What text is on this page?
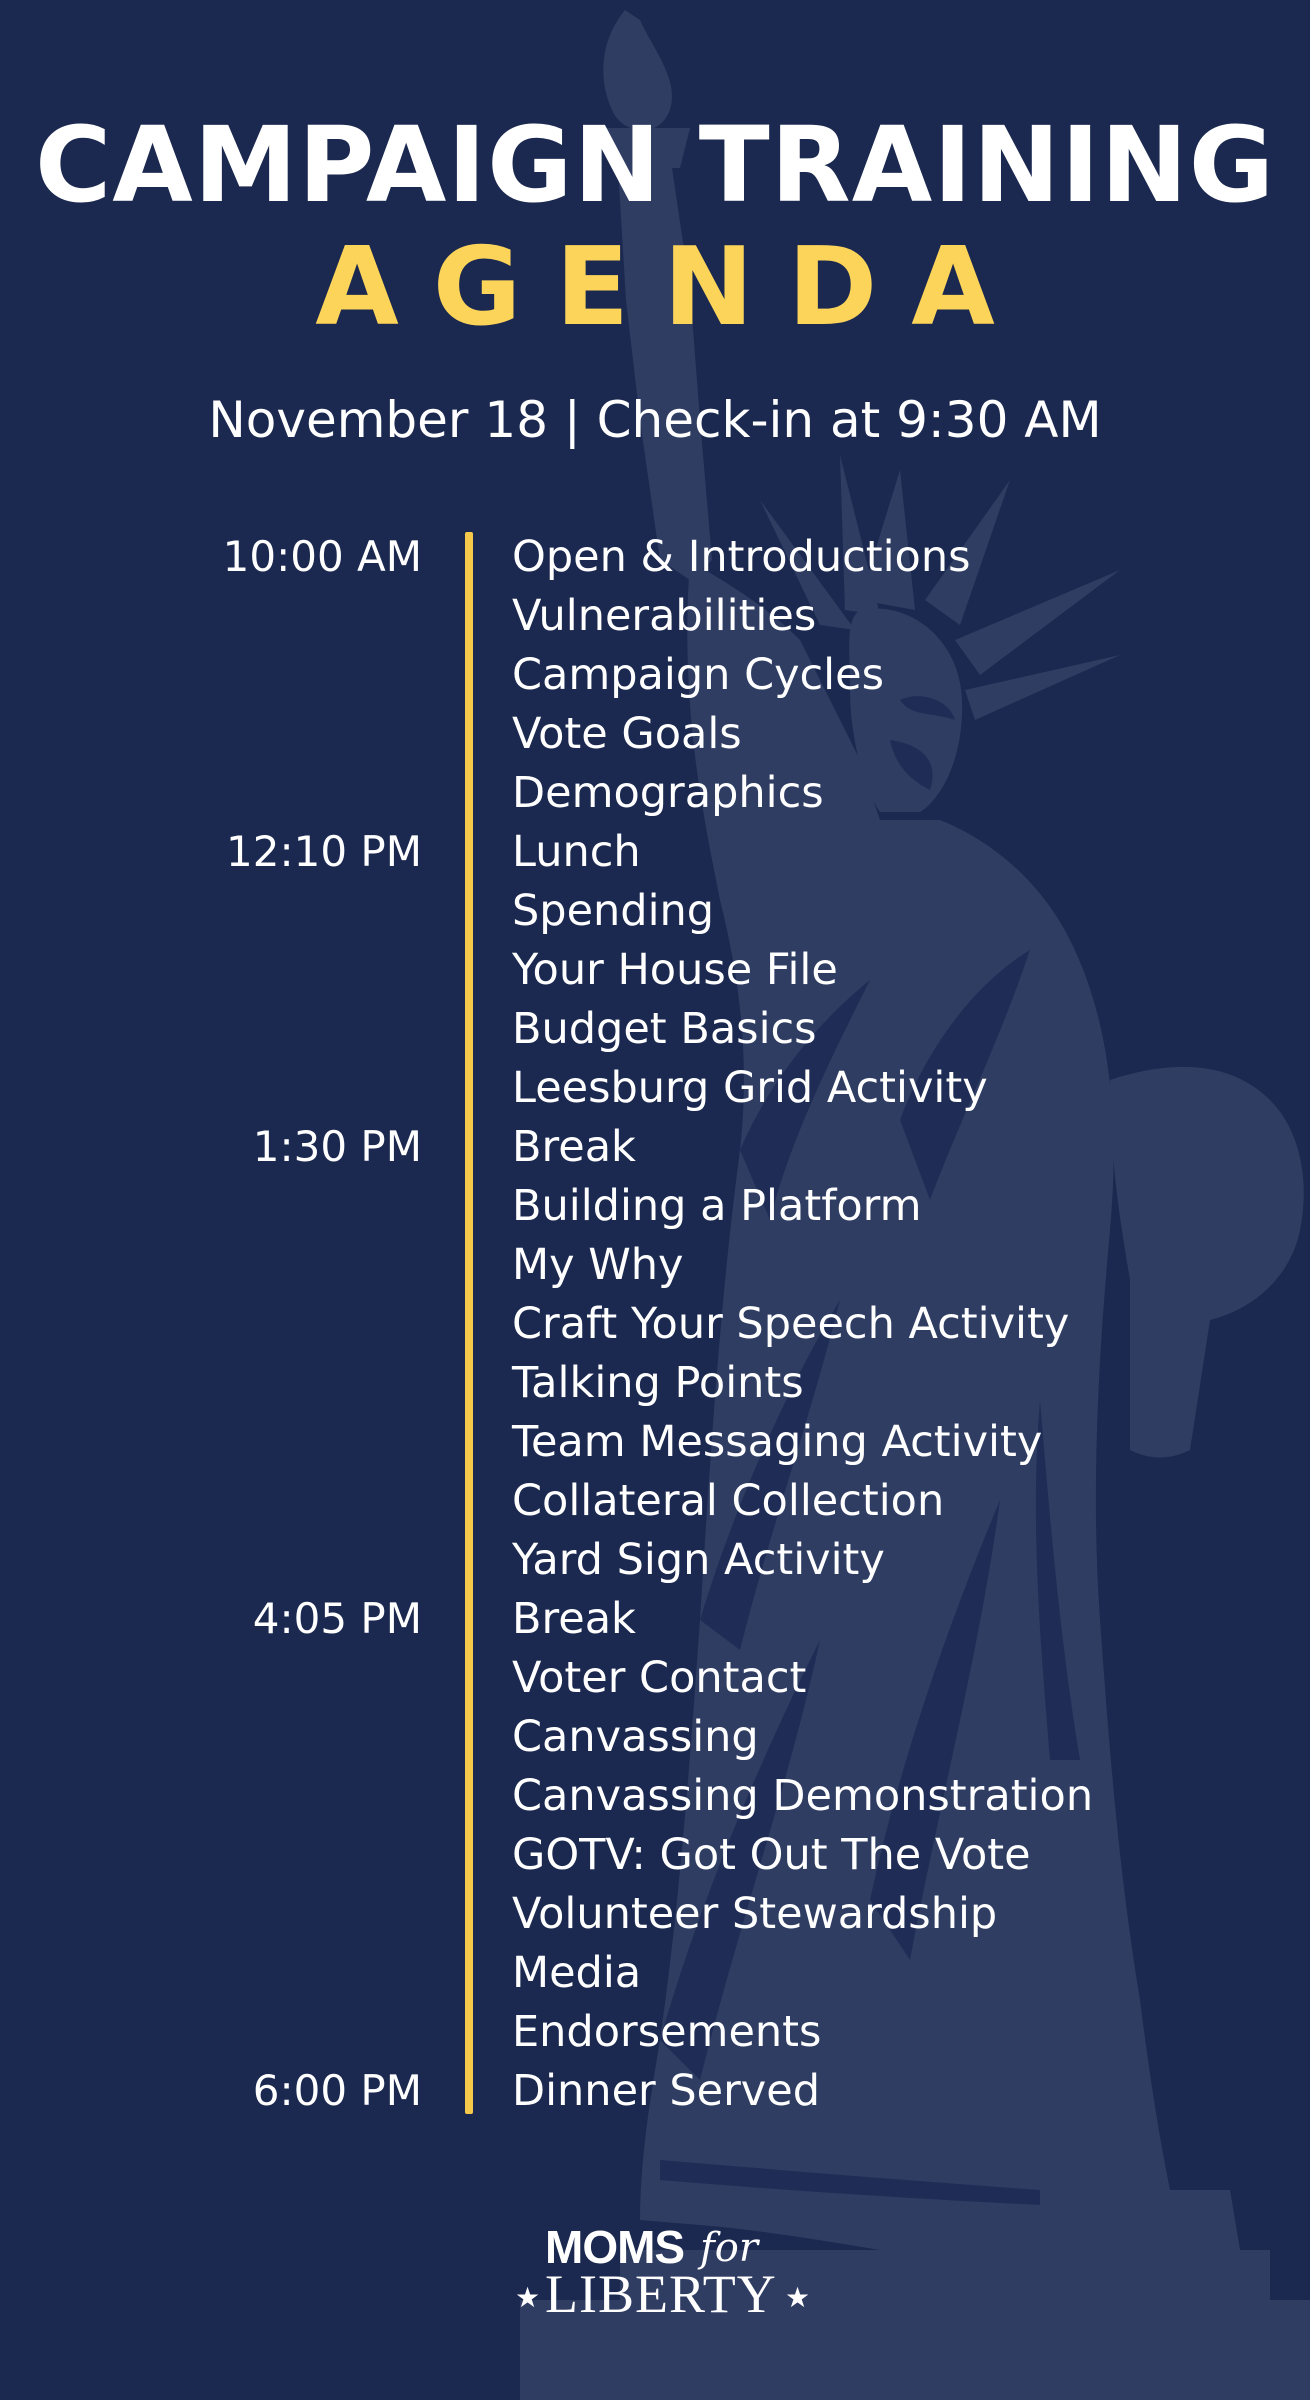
CAMPAIGN TRAINING
AGENDA
November 18 | Check-in at 9:30 AM
10:00 AM Open & Introductions
Vulnerabilities
Campaign Cycles
Vote Goals
Demographics
12:10 PM Lunch
Spending
Your House File
Budget Basics
Leesburg Grid Activity
1:30 PM Break
Building a Platform
My Why
Craft Your Speech Activity
Talking Points
Team Messaging Activity
Collateral Collection
Yard Sign Activity
4:05 PM Break
Voter Contact
Canvassing
Canvassing Demonstration
GOTV: Got Out The Vote
Volunteer Stewardship
Media
Endorsements
6:00 PM Dinner Served
MOMS for
★ LIBERTY ★
